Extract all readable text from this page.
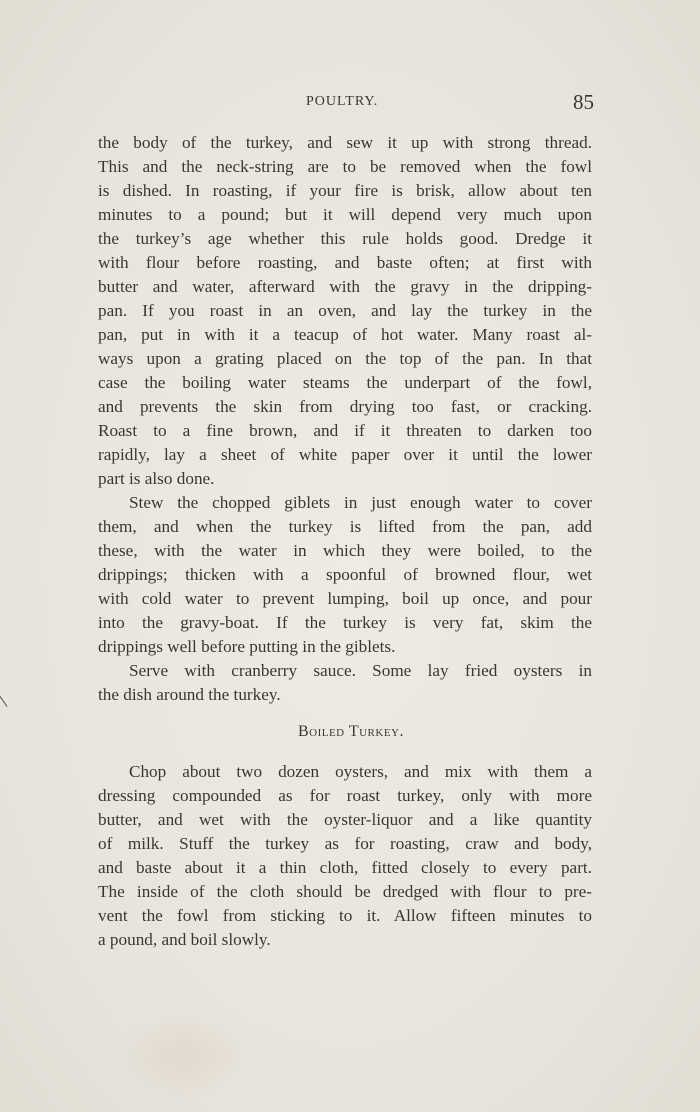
POULTRY.	85
the body of the turkey, and sew it up with strong thread.
This and the neck-string are to be removed when the fowl
is dished. In roasting, if your fire is brisk, allow about ten
minutes to a pound; but it will depend very much upon
the turkey’s age whether this rule holds good. Dredge it
with flour before roasting, and baste often; at first with
butter and water, afterward with the gravy in the dripping-
pan. If you roast in an oven, and lay the turkey in the
pan, put in with it a teacup of hot water. Many roast al-
ways upon a grating placed on the top of the pan. In that
case the boiling water steams the underpart of the fowl,
and prevents the skin from drying too fast, or cracking.
Roast to a fine brown, and if it threaten to darken too
rapidly, lay a sheet of white paper over it until the lower
part is also done.
Stew the chopped giblets in just enough water to cover
them, and when the turkey is lifted from the pan, add
these, with the water in which they were boiled, to the
drippings; thicken with a spoonful of browned flour, wet
with cold water to prevent lumping, boil up once, and pour
into the gravy-boat. If the turkey is very fat, skim the
drippings well before putting in the giblets.
Serve with cranberry sauce. Some lay fried oysters in
the dish around the turkey.
Boiled Turkey.
Chop about two dozen oysters, and mix with them a
dressing compounded as for roast turkey, only with more
butter, and wet with the oyster-liquor and a like quantity
of milk. Stuff the turkey as for roasting, craw and body,
and baste about it a thin cloth, fitted closely to every part.
The inside of the cloth should be dredged with flour to pre-
vent the fowl from sticking to it. Allow fifteen minutes to
a pound, and boil slowly.
